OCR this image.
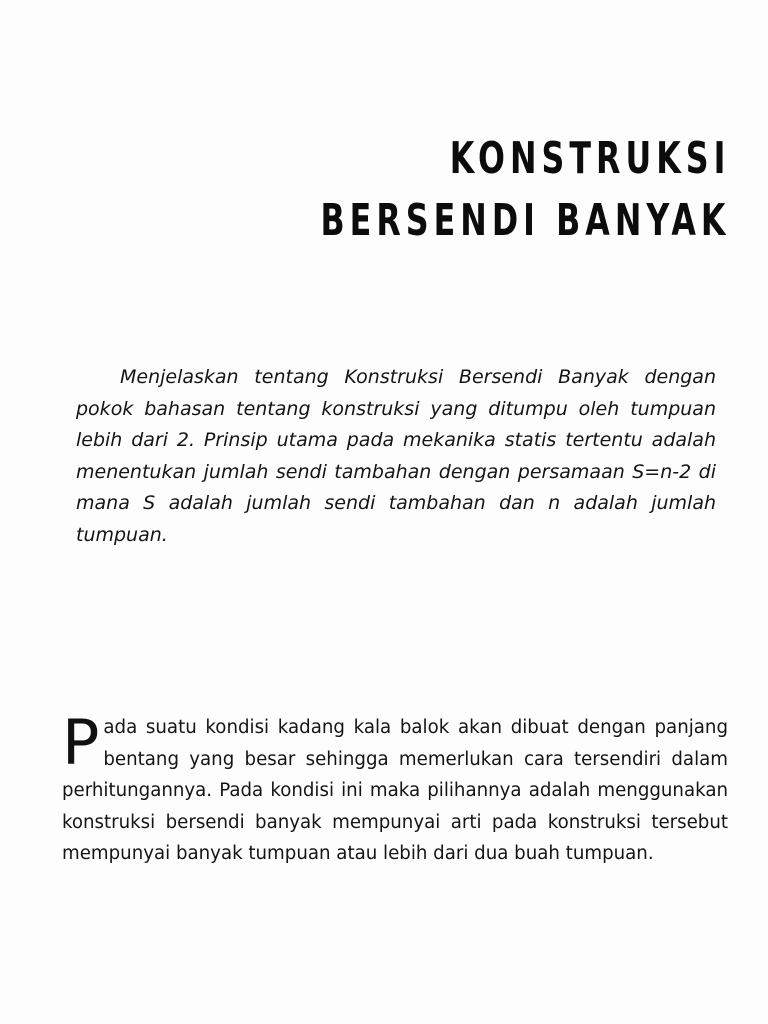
KONSTRUKSI
BERSENDI BANYAK

Menjelaskan tentang Konstruksi Bersendi Banyak dengan pokok bahasan tentang konstruksi yang ditumpu oleh tumpuan lebih dari 2. Prinsip utama pada mekanika statis tertentu adalah menentukan jumlah sendi tambahan dengan persamaan S=n-2 di mana S adalah jumlah sendi tambahan dan n adalah jumlah tumpuan.

P ada suatu kondisi kadang kala balok akan dibuat dengan panjang bentang yang besar sehingga memerlukan cara tersendiri dalam perhitungannya. Pada kondisi ini maka pilihannya adalah menggunakan konstruksi bersendi banyak mempunyai arti pada konstruksi tersebut mempunyai banyak tumpuan atau lebih dari dua buah tumpuan.
